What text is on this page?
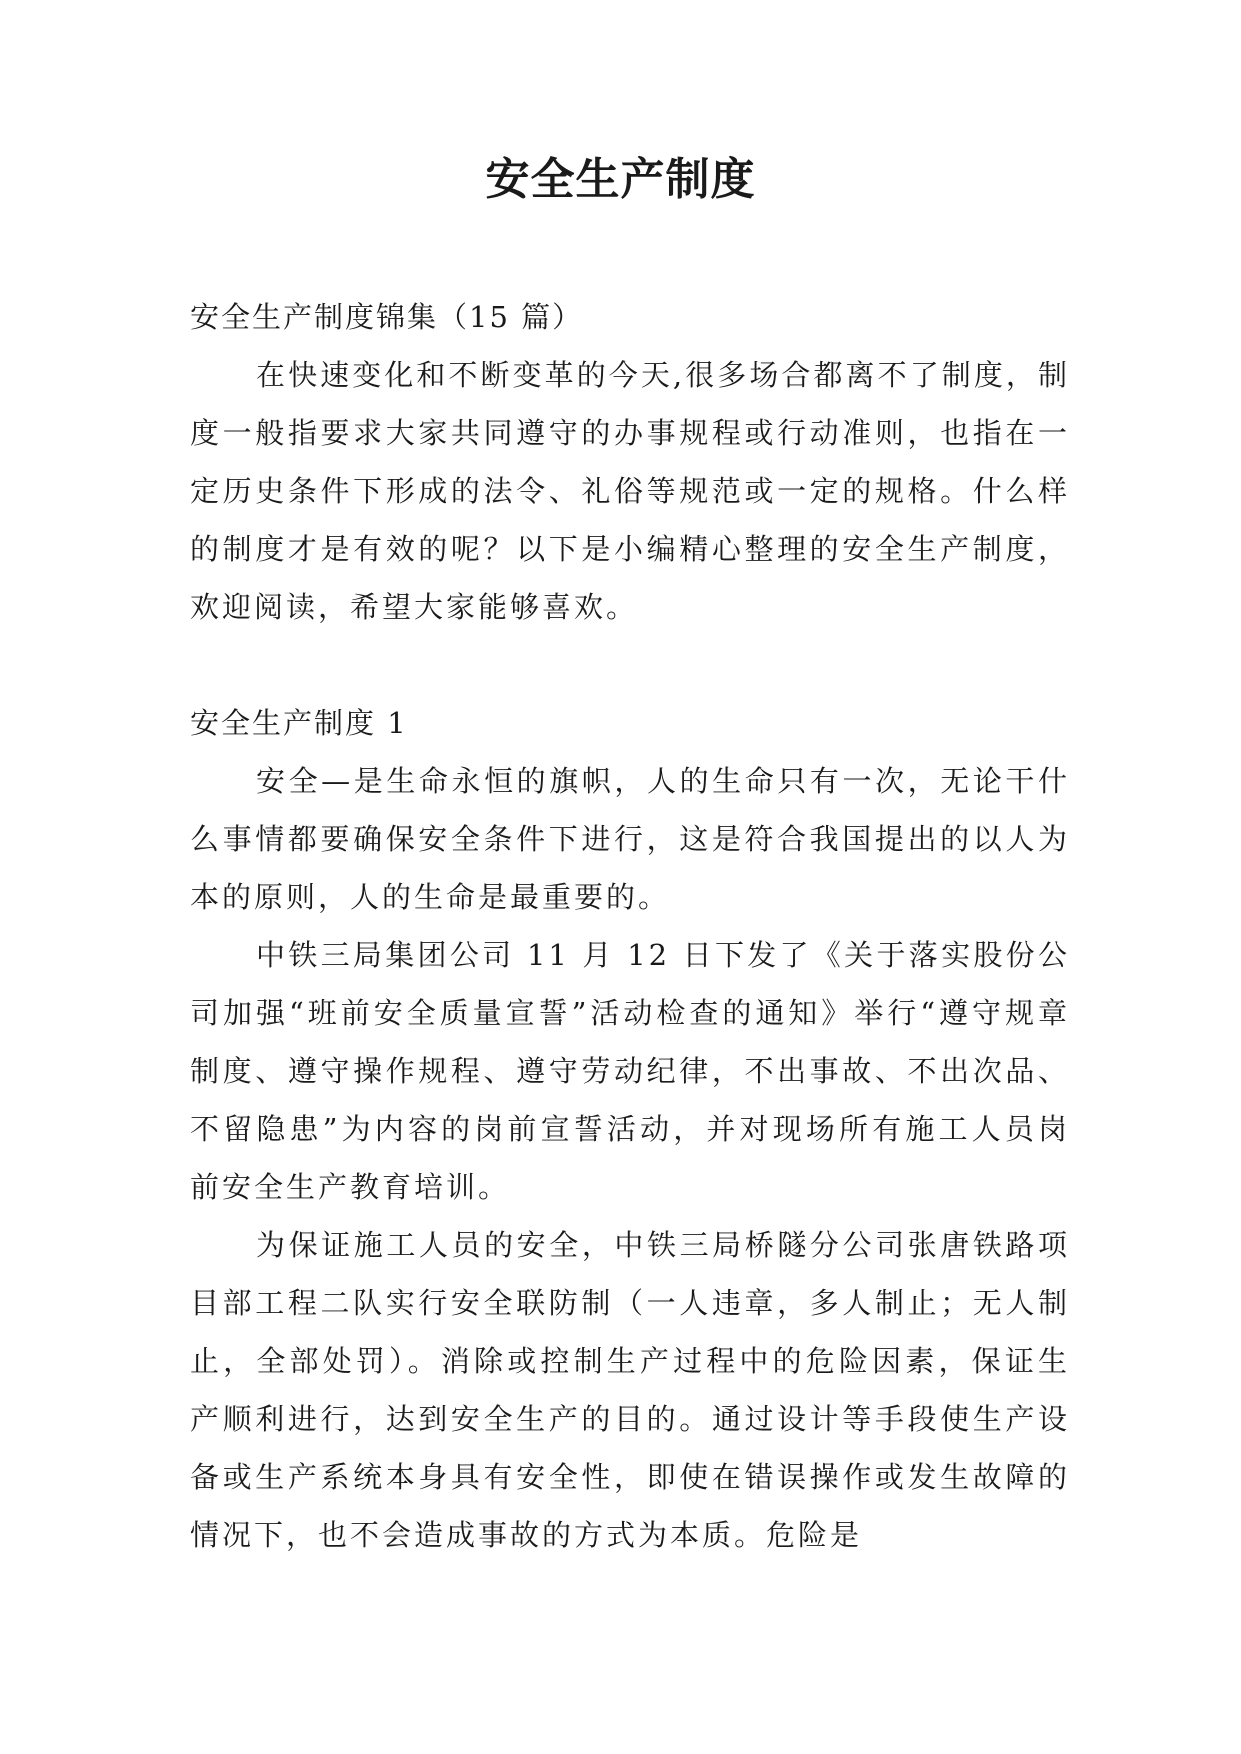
安全生产制度

安全生产制度锦集（15 篇）

在快速变化和不断变革的今天,很多场合都离不了制度，制度一般指要求大家共同遵守的办事规程或行动准则，也指在一定历史条件下形成的法令、礼俗等规范或一定的规格。什么样的制度才是有效的呢？以下是小编精心整理的安全生产制度，欢迎阅读，希望大家能够喜欢。

安全生产制度 1

安全—是生命永恒的旗帜，人的生命只有一次，无论干什么事情都要确保安全条件下进行，这是符合我国提出的以人为本的原则，人的生命是最重要的。

中铁三局集团公司 11 月 12 日下发了《关于落实股份公司加强“班前安全质量宣誓”活动检查的通知》举行“遵守规章制度、遵守操作规程、遵守劳动纪律，不出事故、不出次品、不留隐患”为内容的岗前宣誓活动，并对现场所有施工人员岗前安全生产教育培训。

为保证施工人员的安全，中铁三局桥隧分公司张唐铁路项目部工程二队实行安全联防制（一人违章，多人制止；无人制止，全部处罚）。消除或控制生产过程中的危险因素，保证生产顺利进行，达到安全生产的目的。通过设计等手段使生产设备或生产系统本身具有安全性，即使在错误操作或发生故障的情况下，也不会造成事故的方式为本质。危险是
